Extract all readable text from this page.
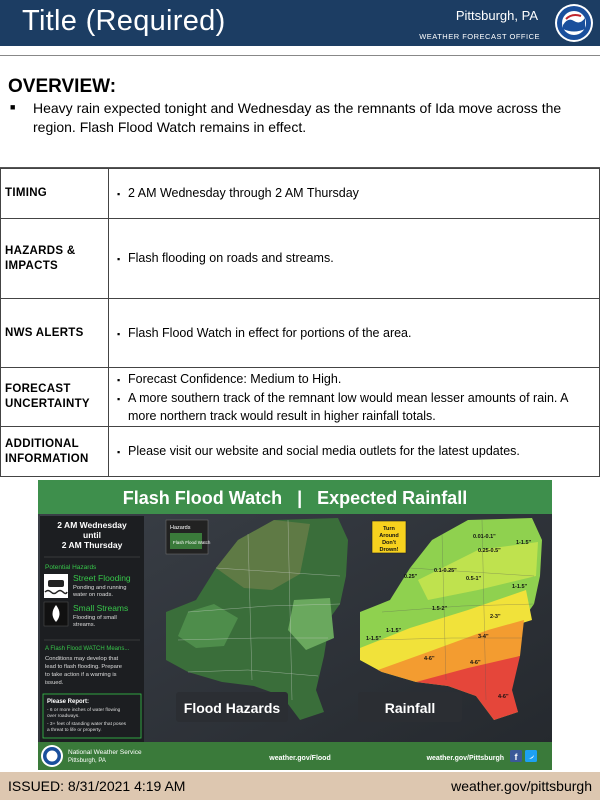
Title (Required)	Pittsburgh, PA
WEATHER FORECAST OFFICE
OVERVIEW:
■ Heavy rain expected tonight and Wednesday as the remnants of Ida move across the region. Flash Flood Watch remains in effect.
TIMING	▪ 2 AM Wednesday through 2 AM Thursday

HAZARDS & IMPACTS	▪ Flash flooding on roads and streams.

NWS ALERTS	▪ Flash Flood Watch in effect for portions of the area.

FORECAST UNCERTAINTY	▪ Forecast Confidence: Medium to High.
▪ A more southern track of the remnant low would mean lesser amounts of rain. A more northern track would result in higher rainfall totals.

ADDITIONAL INFORMATION	▪ Please visit our website and social media outlets for the latest updates.
Flash Flood Watch   |   Expected Rainfall
2 AM Wednesday
until
2 AM Thursday
Potential Hazards
Street Flooding
Ponding and running
water on roads.
Small Streams
Flooding of small
streams.
A Flash Flood WATCH Means...
Conditions may develop that
lead to flash flooding. Prepare
to take action if a warning is
issued.
Please Report:
- 6 or more inches of water flowing
over roadways.
- 3+ feet of standing water that poses
a threat to life or property.
Hazards
Flash Flood Watch
Flood Hazards
Turn
Around
Don't
Drown!
0.01-0.1"
0.25-0.5"
1-1.5"
0.1-0.25"
0.25"	0.5-1"
1-1.5"
1.5-2"
2-3"
3-4"
1-1.5"
1-1.5"
4-6"
4-6"
4-6"
Rainfall
National Weather Service
Pittsburgh, PA	weather.gov/Flood	weather.gov/Pittsburgh f
ISSUED: 8/31/2021 4:19 AM	weather.gov/pittsburgh
